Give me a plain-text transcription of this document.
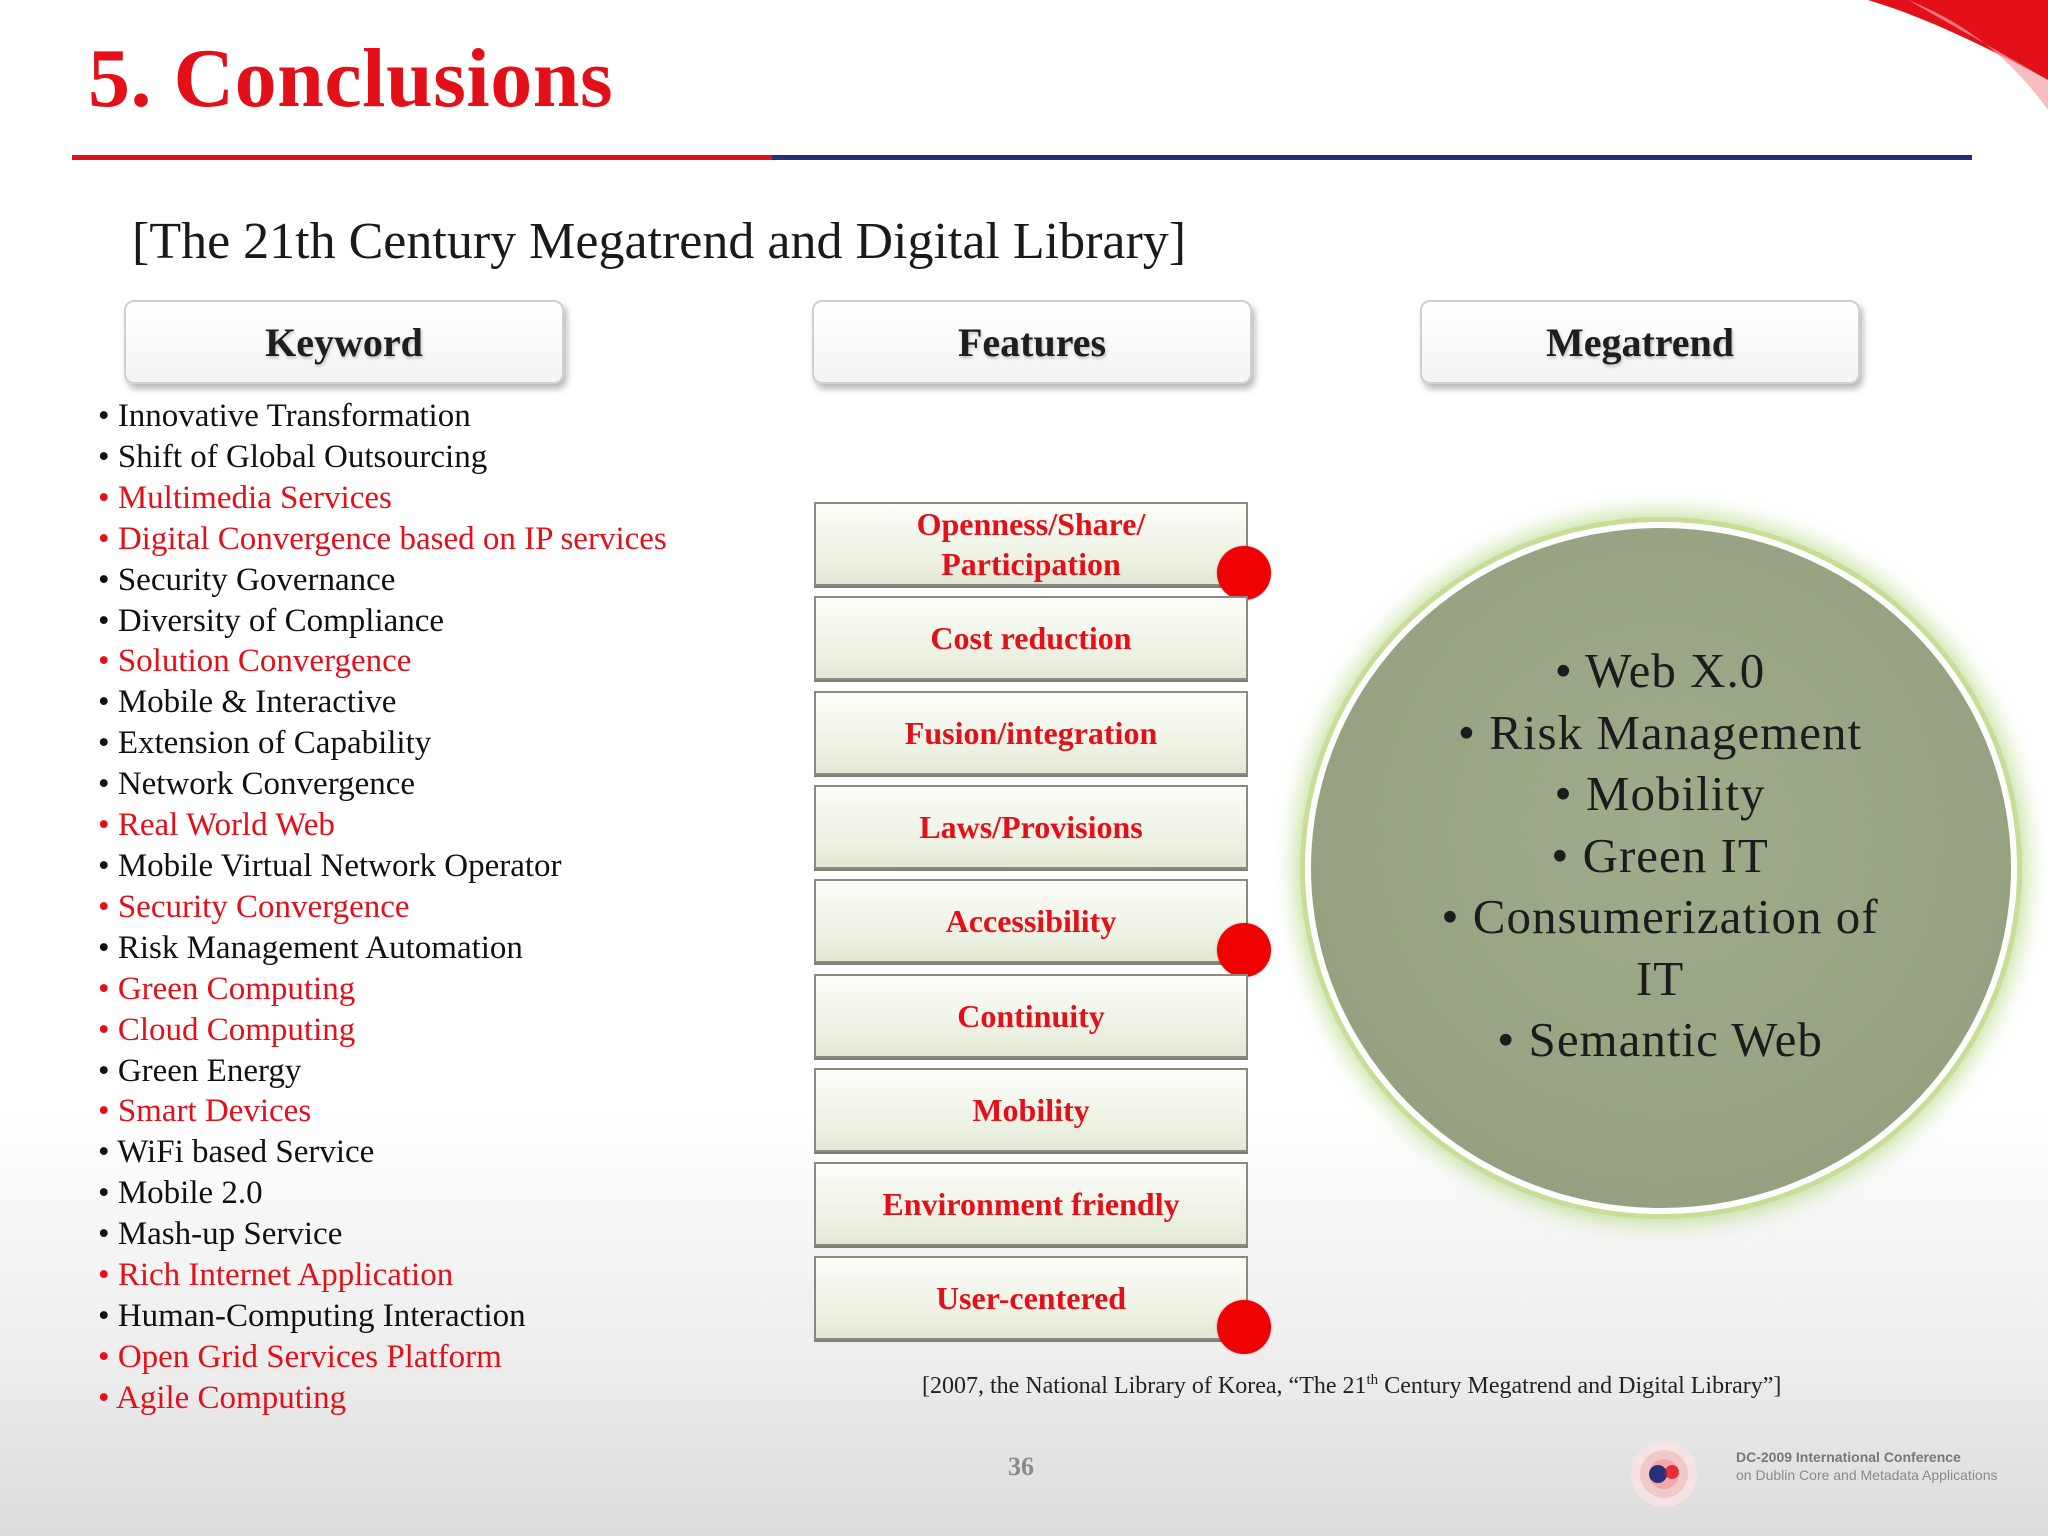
5. Conclusions
[The 21th Century Megatrend and Digital Library]
Keyword	Features	Megatrend
• Innovative Transformation
• Shift of Global Outsourcing
• Multimedia Services
• Digital Convergence based on IP services
• Security Governance
• Diversity of Compliance
• Solution Convergence
• Mobile & Interactive
• Extension of Capability
• Network Convergence
• Real World Web
• Mobile Virtual Network Operator
• Security Convergence
• Risk Management Automation
• Green Computing
• Cloud Computing
• Green Energy
• Smart Devices
• WiFi based Service
• Mobile 2.0
• Mash-up Service
• Rich Internet Application
• Human-Computing Interaction
• Open Grid Services Platform
• Agile Computing
Openness/Share/
Participation
Cost reduction
Fusion/integration
Laws/Provisions
Accessibility
Continuity
Mobility
Environment friendly
User-centered
• Web X.0
• Risk Management
• Mobility
• Green IT
• Consumerization of
IT
• Semantic Web
[2007, the National Library of Korea, “The 21th Century Megatrend and Digital Library”]
36	DC-2009 International Conference
on Dublin Core and Metadata Applications
